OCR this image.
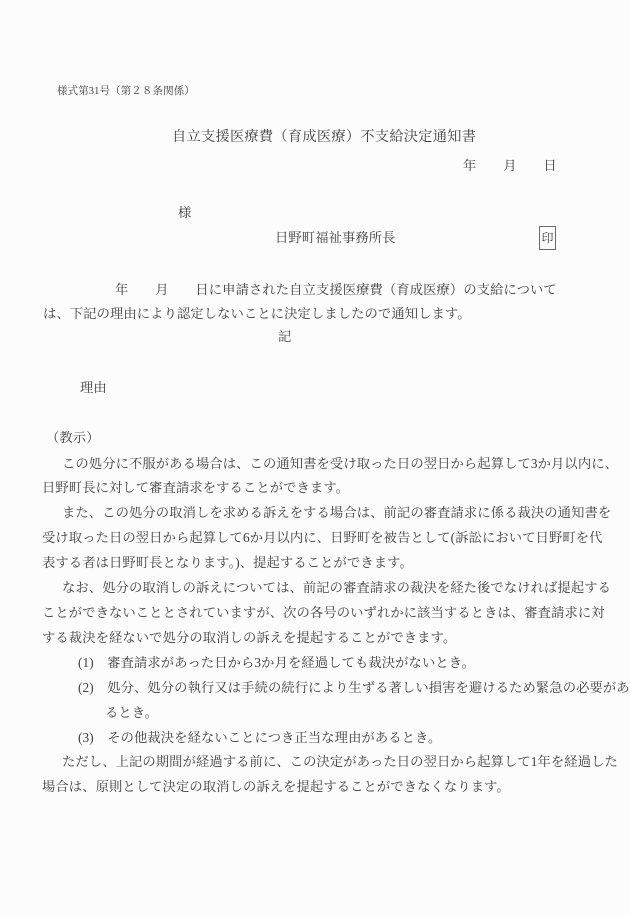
様式第31号（第２８条関係）
自立支援医療費（育成医療）不支給決定通知書
年　　月　　日
様
日野町福祉事務所長	印
年　　月　　日に申請された自立支援医療費（育成医療）の支給について
は、下記の理由により認定しないことに決定しましたので通知します。
記
理由
（教示）
この処分に不服がある場合は、この通知書を受け取った日の翌日から起算して3か月以内に、
日野町長に対して審査請求をすることができます。
また、この処分の取消しを求める訴えをする場合は、前記の審査請求に係る裁決の通知書を
受け取った日の翌日から起算して6か月以内に、日野町を被告として(訴訟において日野町を代
表する者は日野町長となります。)、提起することができます。
なお、処分の取消しの訴えについては、前記の審査請求の裁決を経た後でなければ提起する
ことができないこととされていますが、次の各号のいずれかに該当するときは、審査請求に対
する裁決を経ないで処分の取消しの訴えを提起することができます。
(1)　審査請求があった日から3か月を経過しても裁決がないとき。
(2)　処分、処分の執行又は手続の続行により生ずる著しい損害を避けるため緊急の必要があ
るとき。
(3)　その他裁決を経ないことにつき正当な理由があるとき。
ただし、上記の期間が経過する前に、この決定があった日の翌日から起算して1年を経過した
場合は、原則として決定の取消しの訴えを提起することができなくなります。
